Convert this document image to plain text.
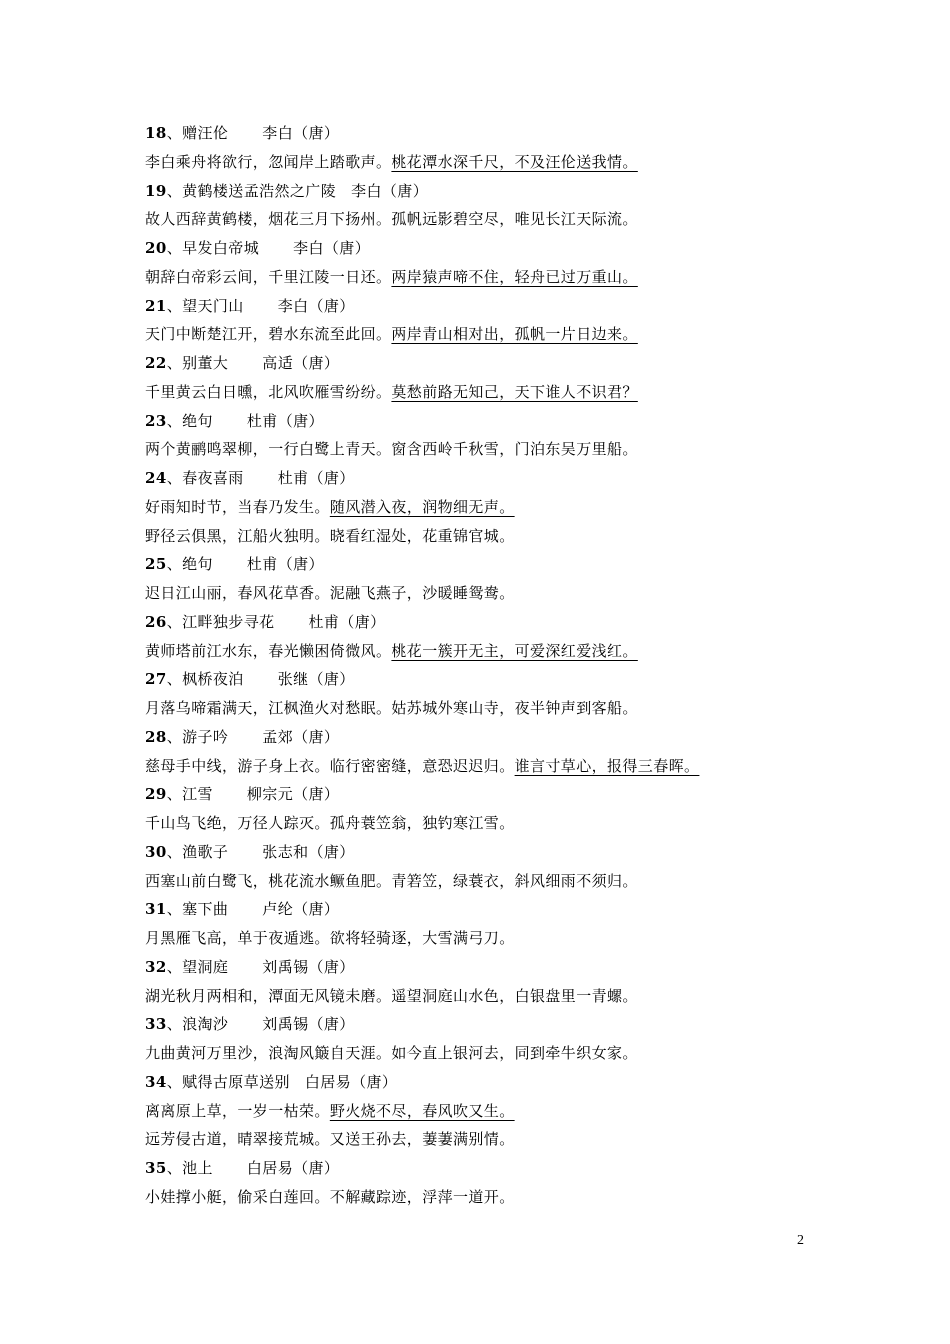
18、赠汪伦 李白（唐）
李白乘舟将欲行，忽闻岸上踏歌声。桃花潭水深千尺，不及汪伦送我情。
19、黄鹤楼送孟浩然之广陵 李白（唐）
故人西辞黄鹤楼，烟花三月下扬州。孤帆远影碧空尽，唯见长江天际流。
20、早发白帝城 李白（唐）
朝辞白帝彩云间，千里江陵一日还。两岸猿声啼不住，轻舟已过万重山。
21、望天门山 李白（唐）
天门中断楚江开，碧水东流至此回。两岸青山相对出，孤帆一片日边来。
22、别董大 高适（唐）
千里黄云白日曛，北风吹雁雪纷纷。莫愁前路无知己，天下谁人不识君？
23、绝句 杜甫（唐）
两个黄鹂鸣翠柳，一行白鹭上青天。窗含西岭千秋雪，门泊东吴万里船。
24、春夜喜雨 杜甫（唐）
好雨知时节，当春乃发生。随风潜入夜，润物细无声。
野径云俱黑，江船火独明。晓看红湿处，花重锦官城。
25、绝句 杜甫（唐）
迟日江山丽，春风花草香。泥融飞燕子，沙暖睡鸳鸯。
26、江畔独步寻花 杜甫（唐）
黄师塔前江水东，春光懒困倚微风。桃花一簇开无主，可爱深红爱浅红。
27、枫桥夜泊 张继（唐）
月落乌啼霜满天，江枫渔火对愁眠。姑苏城外寒山寺，夜半钟声到客船。
28、游子吟 孟郊（唐）
慈母手中线，游子身上衣。临行密密缝，意恐迟迟归。谁言寸草心，报得三春晖。
29、江雪 柳宗元（唐）
千山鸟飞绝，万径人踪灭。孤舟蓑笠翁，独钓寒江雪。
30、渔歌子 张志和（唐）
西塞山前白鹭飞，桃花流水鳜鱼肥。青箬笠，绿蓑衣，斜风细雨不须归。
31、塞下曲 卢纶（唐）
月黑雁飞高，单于夜遁逃。欲将轻骑逐，大雪满弓刀。
32、望洞庭 刘禹锡（唐）
湖光秋月两相和，潭面无风镜未磨。遥望洞庭山水色，白银盘里一青螺。
33、浪淘沙 刘禹锡（唐）
九曲黄河万里沙，浪淘风簸自天涯。如今直上银河去，同到牵牛织女家。
34、赋得古原草送别 白居易（唐）
离离原上草，一岁一枯荣。野火烧不尽，春风吹又生。
远芳侵古道，晴翠接荒城。又送王孙去，萋萋满别情。
35、池上 白居易（唐）
小娃撑小艇，偷采白莲回。不解藏踪迹，浮萍一道开。
2
